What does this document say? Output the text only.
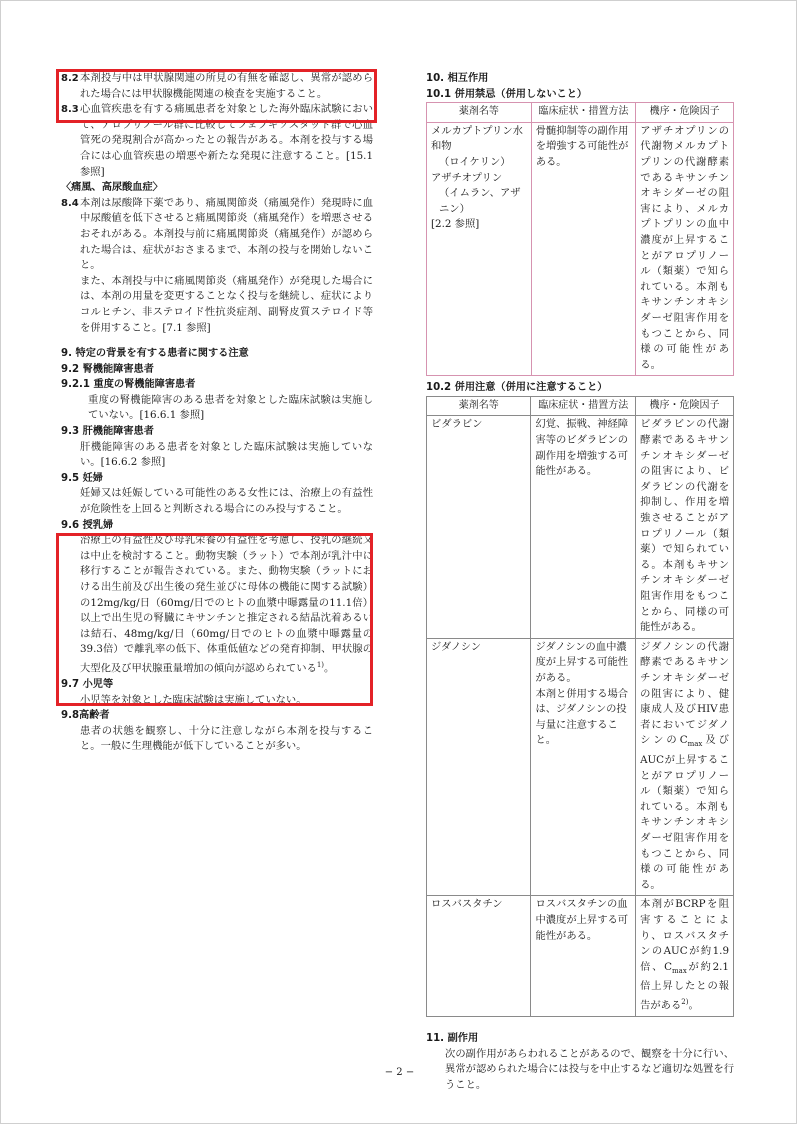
8.2 本剤投与中は甲状腺関連の所見の有無を確認し、異常が認められた場合には甲状腺機能関連の検査を実施すること。
8.3 心血管疾患を有する痛風患者を対象とした海外臨床試験において、アロプリノール群に比較してフェブキソスタット群で心血管死の発現割合が高かったとの報告がある。本剤を投与する場合には心血管疾患の増悪や新たな発現に注意すること。[15.1 参照]
〈痛風、高尿酸血症〉
8.4 本剤は尿酸降下薬であり、痛風関節炎（痛風発作）発現時に血中尿酸値を低下させると痛風関節炎（痛風発作）を増悪させるおそれがある。本剤投与前に痛風関節炎（痛風発作）が認められた場合は、症状がおさまるまで、本剤の投与を開始しないこと。
また、本剤投与中に痛風関節炎（痛風発作）が発現した場合には、本剤の用量を変更することなく投与を継続し、症状によりコルヒチン、非ステロイド性抗炎症剤、副腎皮質ステロイド等を併用すること。[7.1 参照]
9. 特定の背景を有する患者に関する注意
9.2 腎機能障害患者
9.2.1 重度の腎機能障害患者
重度の腎機能障害のある患者を対象とした臨床試験は実施していない。[16.6.1 参照]
9.3 肝機能障害患者
肝機能障害のある患者を対象とした臨床試験は実施していない。[16.6.2 参照]
9.5 妊婦
妊婦又は妊娠している可能性のある女性には、治療上の有益性が危険性を上回ると判断される場合にのみ投与すること。
9.6 授乳婦
治療上の有益性及び母乳栄養の有益性を考慮し、授乳の継続又は中止を検討すること。動物実験（ラット）で本剤が乳汁中に移行することが報告されている。また、動物実験（ラットにおける出生前及び出生後の発生並びに母体の機能に関する試験）の12mg/kg/日（60mg/日でのヒトの血漿中曝露量の11.1倍）以上で出生児の腎臓にキサンチンと推定される結晶沈着あるいは結石、48mg/kg/日（60mg/日でのヒトの血漿中曝露量の39.3倍）で離乳率の低下、体重低値などの発育抑制、甲状腺の大型化及び甲状腺重量増加の傾向が認められている$^{1)}$。
9.7 小児等
小児等を対象とした臨床試験は実施していない。
9.8高齢者
患者の状態を観察し、十分に注意しながら本剤を投与すること。一般に生理機能が低下していることが多い。
10. 相互作用
10.1 併用禁忌（併用しないこと）
薬剤名等	臨床症状・措置方法	機序・危険因子

メルカプトプリン水和物
（ロイケリン）
アザチオプリン
（イムラン、アザニン）
[2.2 参照]	骨髄抑制等の副作用を増強する可能性がある。	アザチオプリンの代謝物メルカプトプリンの代謝酵素であるキサンチンオキシダーゼの阻害により、メルカプトプリンの血中濃度が上昇することがアロプリノール（類薬）で知られている。本剤もキサンチンオキシダーゼ阻害作用をもつことから、同様の可能性がある。
10.2 併用注意（併用に注意すること）
薬剤名等	臨床症状・措置方法	機序・危険因子
ビダラビン	幻覚、振戦、神経障害等のビダラビンの副作用を増強する可能性がある。	ビダラビンの代謝酵素であるキサンチンオキシダーゼの阻害により、ビダラビンの代謝を抑制し、作用を増強させることがアロプリノール（類薬）で知られている。本剤もキサンチンオキシダーゼ阻害作用をもつことから、同様の可能性がある。
ジダノシン	ジダノシンの血中濃度が上昇する可能性がある。
本剤と併用する場合は、ジダノシンの投与量に注意すること。	ジダノシンの代謝酵素であるキサンチンオキシダーゼの阻害により、健康成人及びHIV患者においてジダノシンの$C_{max}$及びAUCが上昇することがアロプリノール（類薬）で知られている。本剤もキサンチンオキシダーゼ阻害作用をもつことから、同様の可能性がある。
ロスバスタチン	ロスバスタチンの血中濃度が上昇する可能性がある。	本剤がBCRPを阻害することにより、ロスバスタチンのAUCが約1.9倍、$C_{max}$が約2.1倍上昇したとの報告がある$^{2)}$。
11. 副作用
次の副作用があらわれることがあるので、観察を十分に行い、異常が認められた場合には投与を中止するなど適切な処置を行うこと。
− 2 −
